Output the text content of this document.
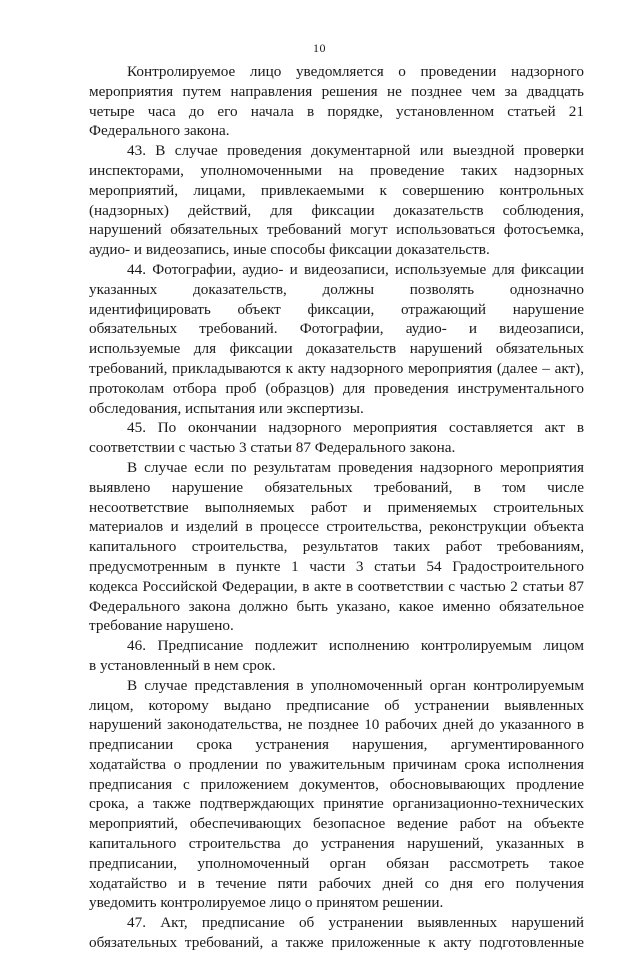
10
Контролируемое лицо уведомляется о проведении надзорного
мероприятия путем направления решения не позднее чем за двадцать
четыре часа до его начала в порядке, установленном статьей 21
Федерального закона.
43. В случае проведения документарной или выездной проверки
инспекторами, уполномоченными на проведение таких надзорных
мероприятий, лицами, привлекаемыми к совершению контрольных
(надзорных) действий, для фиксации доказательств соблюдения,
нарушений обязательных требований могут использоваться фотосъемка,
аудио- и видеозапись, иные способы фиксации доказательств.
44. Фотографии, аудио- и видеозаписи, используемые для фиксации
указанных доказательств, должны позволять однозначно
идентифицировать объект фиксации, отражающий нарушение
обязательных требований. Фотографии, аудио- и видеозаписи,
используемые для фиксации доказательств нарушений обязательных
требований, прикладываются к акту надзорного мероприятия (далее – акт),
протоколам отбора проб (образцов) для проведения инструментального
обследования, испытания или экспертизы.
45. По окончании надзорного мероприятия составляется акт в
соответствии с частью 3 статьи 87 Федерального закона.
В случае если по результатам проведения надзорного мероприятия
выявлено нарушение обязательных требований, в том числе
несоответствие выполняемых работ и применяемых строительных
материалов и изделий в процессе строительства, реконструкции объекта
капитального строительства, результатов таких работ требованиям,
предусмотренным в пункте 1 части 3 статьи 54 Градостроительного
кодекса Российской Федерации, в акте в соответствии с частью 2 статьи 87
Федерального закона должно быть указано, какое именно обязательное
требование нарушено.
46. Предписание подлежит исполнению контролируемым лицом
в установленный в нем срок.
В случае представления в уполномоченный орган контролируемым
лицом, которому выдано предписание об устранении выявленных
нарушений законодательства, не позднее 10 рабочих дней до указанного в
предписании срока устранения нарушения, аргументированного
ходатайства о продлении по уважительным причинам срока исполнения
предписания с приложением документов, обосновывающих продление
срока, а также подтверждающих принятие организационно-технических
мероприятий, обеспечивающих безопасное ведение работ на объекте
капитального строительства до устранения нарушений, указанных в
предписании, уполномоченный орган обязан рассмотреть такое
ходатайство и в течение пяти рабочих дней со дня его получения
уведомить контролируемое лицо о принятом решении.
47. Акт, предписание об устранении выявленных нарушений
обязательных требований, а также приложенные к акту подготовленные
